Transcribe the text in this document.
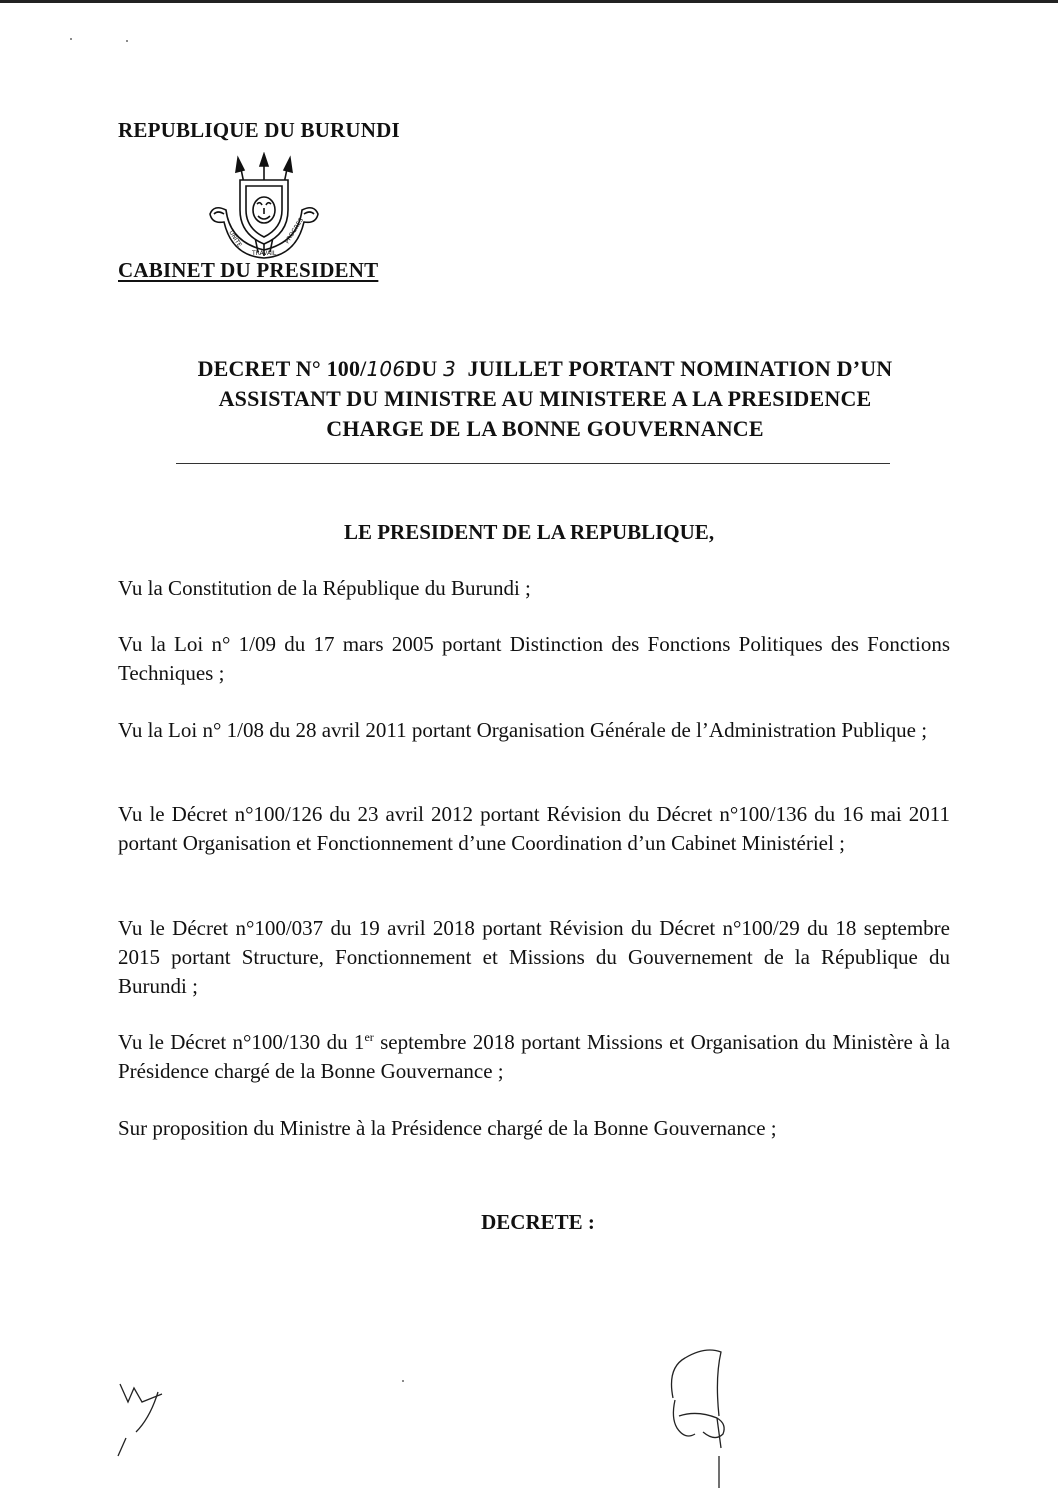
REPUBLIQUE DU BURUNDI
UNITE
TRAVAIL
PROGRES
CABINET DU PRESIDENT
DECRET N° 100/106DU 3 JUILLET PORTANT NOMINATION D’UN
ASSISTANT DU MINISTRE AU MINISTERE A LA PRESIDENCE
CHARGE DE LA BONNE GOUVERNANCE
LE PRESIDENT DE LA REPUBLIQUE,
Vu la Constitution de la République du Burundi ;
Vu la Loi n° 1/09 du 17 mars 2005 portant Distinction des Fonctions Politiques des Fonctions Techniques ;
Vu la Loi n° 1/08 du 28 avril 2011 portant Organisation Générale de l’Administration Publique ;
Vu le Décret n°100/126 du 23 avril 2012 portant Révision du Décret n°100/136 du 16 mai 2011 portant Organisation et Fonctionnement d’une Coordination d’un Cabinet Ministériel ;
Vu le Décret n°100/037 du 19 avril 2018 portant Révision du Décret n°100/29 du 18 septembre 2015 portant Structure, Fonctionnement et Missions du Gouvernement de la République du Burundi ;
Vu le Décret n°100/130 du 1er septembre 2018 portant Missions et Organisation du Ministère à la Présidence chargé de la Bonne Gouvernance ;
Sur proposition du Ministre à la Présidence chargé de la Bonne Gouvernance ;
DECRETE :
